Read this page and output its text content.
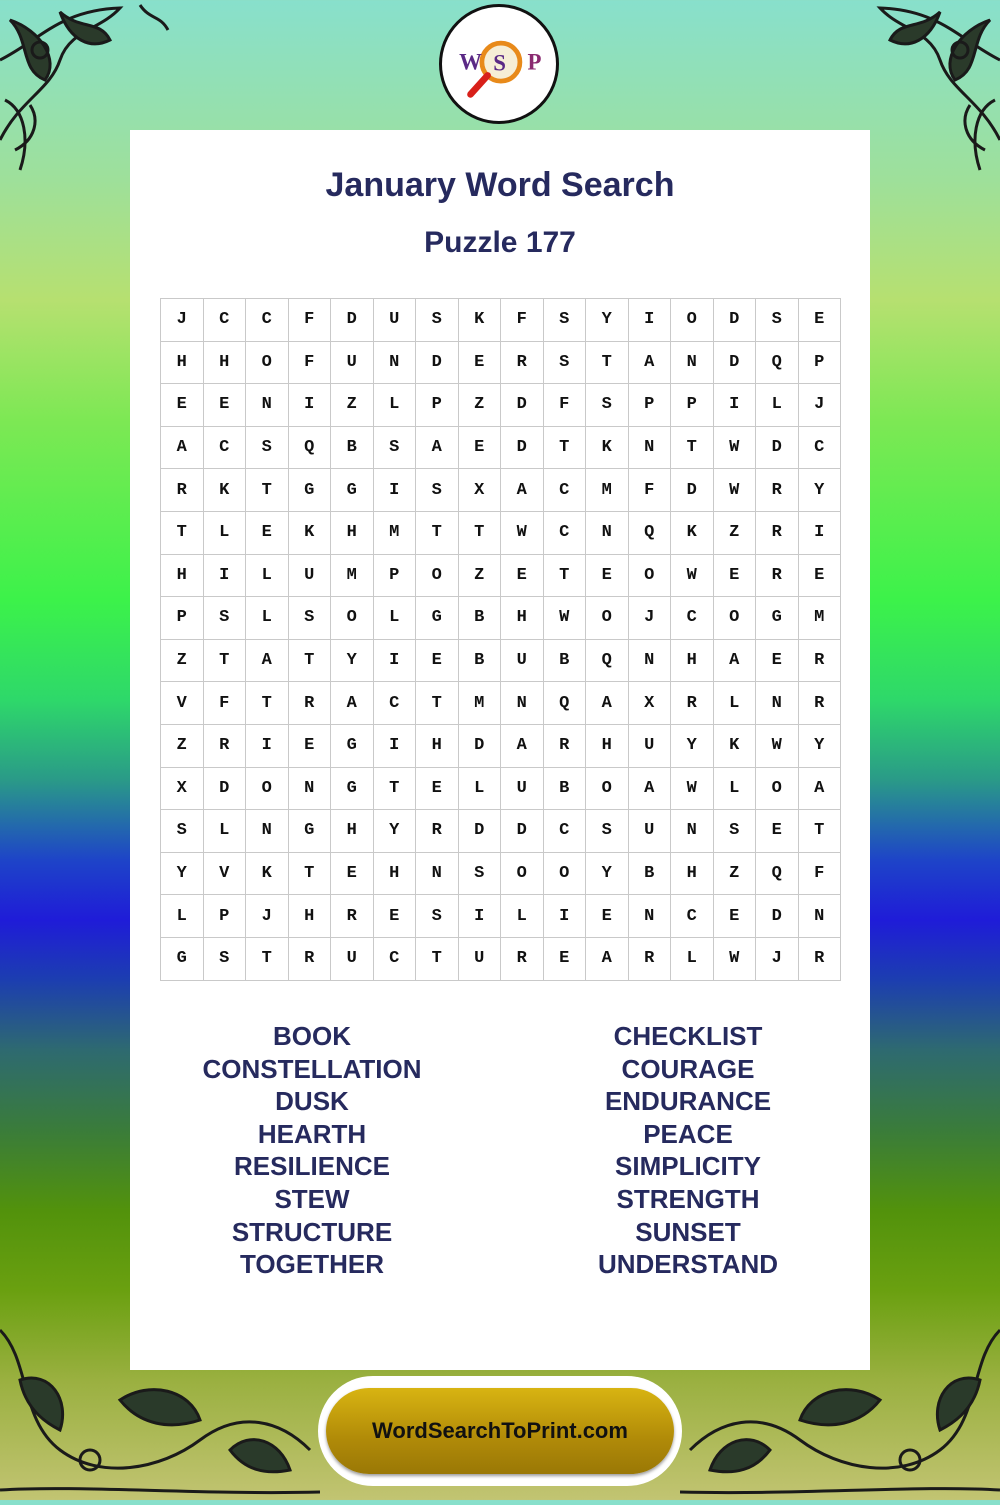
W S P
January Word Search
Puzzle 177
J	C	C	F	D	U	S	K	F	S	Y	I	O	D	S	E
H	H	O	F	U	N	D	E	R	S	T	A	N	D	Q	P
E	E	N	I	Z	L	P	Z	D	F	S	P	P	I	L	J
A	C	S	Q	B	S	A	E	D	T	K	N	T	W	D	C
R	K	T	G	G	I	S	X	A	C	M	F	D	W	R	Y
T	L	E	K	H	M	T	T	W	C	N	Q	K	Z	R	I
H	I	L	U	M	P	O	Z	E	T	E	O	W	E	R	E
P	S	L	S	O	L	G	B	H	W	O	J	C	O	G	M
Z	T	A	T	Y	I	E	B	U	B	Q	N	H	A	E	R
V	F	T	R	A	C	T	M	N	Q	A	X	R	L	N	R
Z	R	I	E	G	I	H	D	A	R	H	U	Y	K	W	Y
X	D	O	N	G	T	E	L	U	B	O	A	W	L	O	A
S	L	N	G	H	Y	R	D	D	C	S	U	N	S	E	T
Y	V	K	T	E	H	N	S	O	O	Y	B	H	Z	Q	F
L	P	J	H	R	E	S	I	L	I	E	N	C	E	D	N
G	S	T	R	U	C	T	U	R	E	A	R	L	W	J	R
BOOK
CONSTELLATION
DUSK
HEARTH
RESILIENCE
STEW
STRUCTURE
TOGETHER
CHECKLIST
COURAGE
ENDURANCE
PEACE
SIMPLICITY
STRENGTH
SUNSET
UNDERSTAND
WordSearchToPrint.com
